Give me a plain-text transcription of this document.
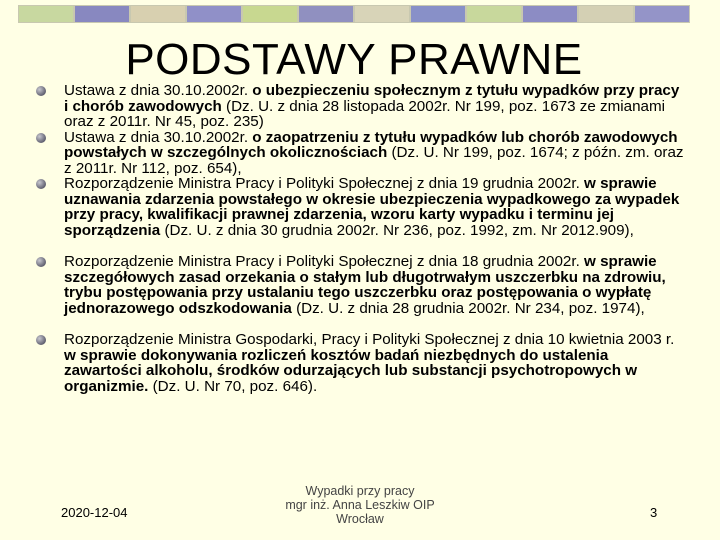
PODSTAWY PRAWNE
Ustawa z dnia 30.10.2002r. o ubezpieczeniu społecznym z tytułu wypadków przy pracy i chorób zawodowych (Dz. U. z dnia 28 listopada 2002r. Nr 199, poz. 1673 ze zmianami oraz z 2011r. Nr 45, poz. 235)
Ustawa z dnia 30.10.2002r. o zaopatrzeniu z tytułu wypadków lub chorób zawodowych powstałych w szczególnych okolicznościach (Dz. U. Nr 199, poz. 1674; z późn. zm. oraz z 2011r. Nr 112, poz. 654),
Rozporządzenie Ministra Pracy i Polityki Społecznej z dnia 19 grudnia 2002r. w sprawie uznawania zdarzenia powstałego w okresie ubezpieczenia wypadkowego za wypadek przy pracy, kwalifikacji prawnej zdarzenia, wzoru karty wypadku i terminu jej sporządzenia (Dz. U. z dnia 30 grudnia 2002r. Nr 236, poz. 1992, zm. Nr 2012.909),
Rozporządzenie Ministra Pracy i Polityki Społecznej z dnia 18 grudnia 2002r. w sprawie szczegółowych zasad orzekania o stałym lub długotrwałym uszczerbku na zdrowiu, trybu postępowania przy ustalaniu tego uszczerbku oraz postępowania o wypłatę jednorazowego odszkodowania (Dz. U. z dnia 28 grudnia 2002r. Nr 234, poz. 1974),
Rozporządzenie Ministra Gospodarki, Pracy i Polityki Społecznej z dnia 10 kwietnia 2003 r. w sprawie dokonywania rozliczeń kosztów badań niezbędnych do ustalenia zawartości alkoholu, środków odurzających lub substancji psychotropowych w organizmie. (Dz. U. Nr 70, poz. 646).
2020-12-04
Wypadki przy pracy
mgr inż. Anna Leszkiw OIP
Wrocław	3
